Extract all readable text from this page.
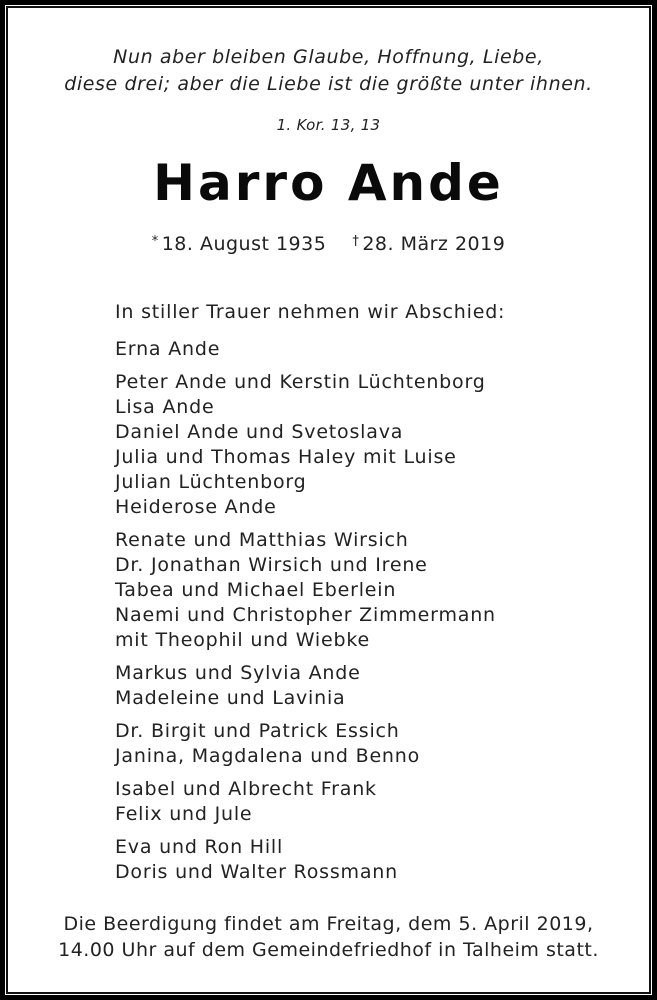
Nun aber bleiben Glaube, Hoffnung, Liebe,
diese drei; aber die Liebe ist die größte unter ihnen.
1. Kor. 13, 13
Harro Ande
* 18. August 1935 † 28. März 2019
In stiller Trauer nehmen wir Abschied:
Erna Ande
Peter Ande und Kerstin Lüchtenborg
Lisa Ande
Daniel Ande und Svetoslava
Julia und Thomas Haley mit Luise
Julian Lüchtenborg
Heiderose Ande
Renate und Matthias Wirsich
Dr. Jonathan Wirsich und Irene
Tabea und Michael Eberlein
Naemi und Christopher Zimmermann
mit Theophil und Wiebke
Markus und Sylvia Ande
Madeleine und Lavinia
Dr. Birgit und Patrick Essich
Janina, Magdalena und Benno
Isabel und Albrecht Frank
Felix und Jule
Eva und Ron Hill
Doris und Walter Rossmann
Die Beerdigung findet am Freitag, dem 5. April 2019,
14.00 Uhr auf dem Gemeindefriedhof in Talheim statt.
